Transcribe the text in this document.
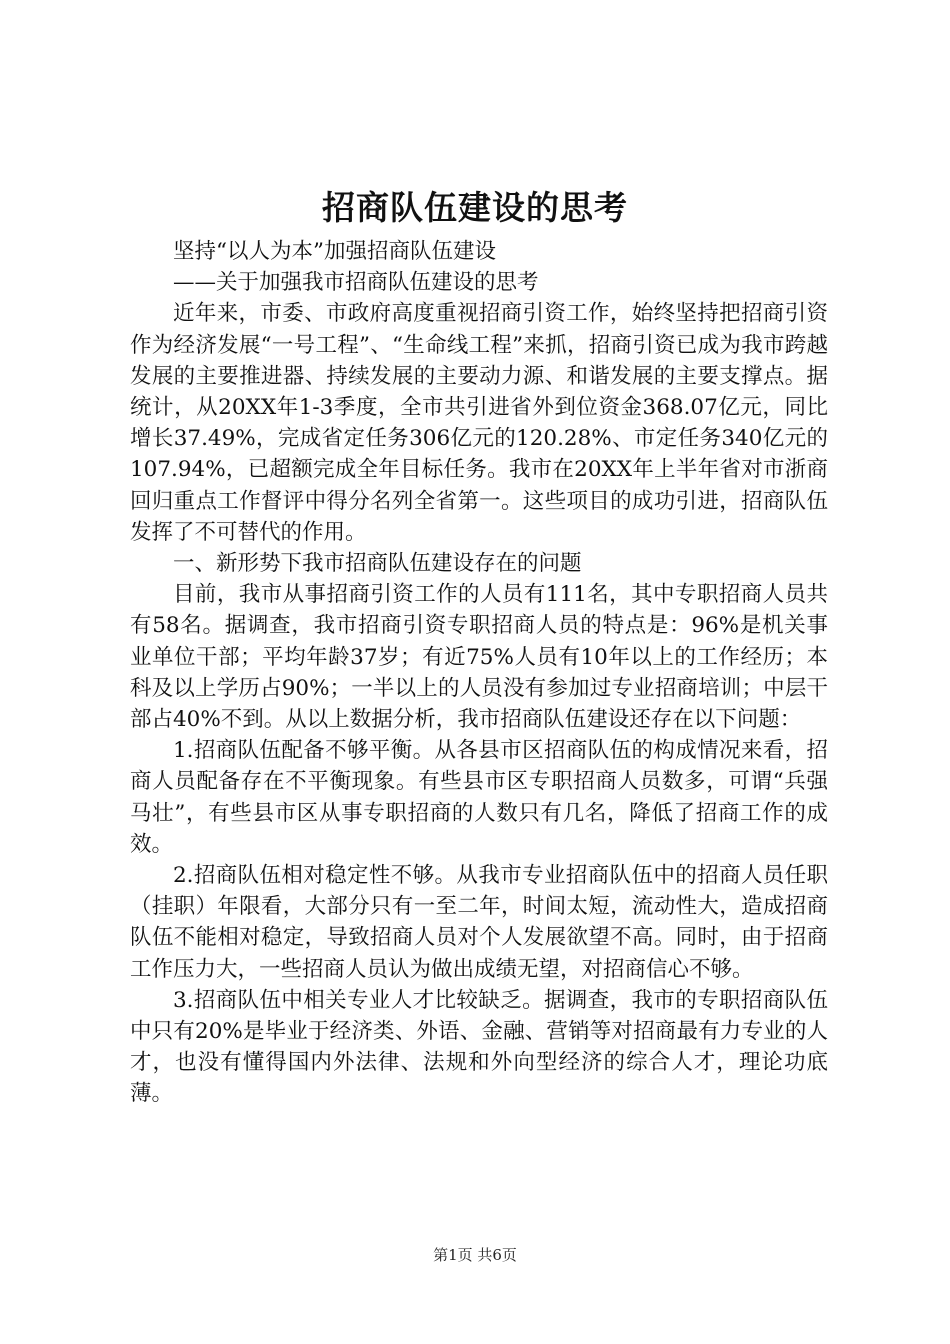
招商队伍建设的思考

坚持“以人为本”加强招商队伍建设

——关于加强我市招商队伍建设的思考

近年来，市委、市政府高度重视招商引资工作，始终坚持把招商引资作为经济发展“一号工程”、“生命线工程”来抓，招商引资已成为我市跨越发展的主要推进器、持续发展的主要动力源、和谐发展的主要支撑点。据统计，从20XX年1-3季度，全市共引进省外到位资金368.07亿元，同比增长37.49%，完成省定任务306亿元的120.28%、市定任务340亿元的107.94%，已超额完成全年目标任务。我市在20XX年上半年省对市浙商回归重点工作督评中得分名列全省第一。这些项目的成功引进，招商队伍发挥了不可替代的作用。

一、新形势下我市招商队伍建设存在的问题

目前，我市从事招商引资工作的人员有111名，其中专职招商人员共有58名。据调查，我市招商引资专职招商人员的特点是：96%是机关事业单位干部；平均年龄37岁；有近75%人员有10年以上的工作经历；本科及以上学历占90%；一半以上的人员没有参加过专业招商培训；中层干部占40%不到。从以上数据分析，我市招商队伍建设还存在以下问题：

1.招商队伍配备不够平衡。从各县市区招商队伍的构成情况来看，招商人员配备存在不平衡现象。有些县市区专职招商人员数多，可谓“兵强马壮”，有些县市区从事专职招商的人数只有几名，降低了招商工作的成效。

2.招商队伍相对稳定性不够。从我市专业招商队伍中的招商人员任职（挂职）年限看，大部分只有一至二年，时间太短，流动性大，造成招商队伍不能相对稳定，导致招商人员对个人发展欲望不高。同时，由于招商工作压力大，一些招商人员认为做出成绩无望，对招商信心不够。

3.招商队伍中相关专业人才比较缺乏。据调查，我市的专职招商队伍中只有20%是毕业于经济类、外语、金融、营销等对招商最有力专业的人才，也没有懂得国内外法律、法规和外向型经济的综合人才，理论功底薄。

第1页 共6页
